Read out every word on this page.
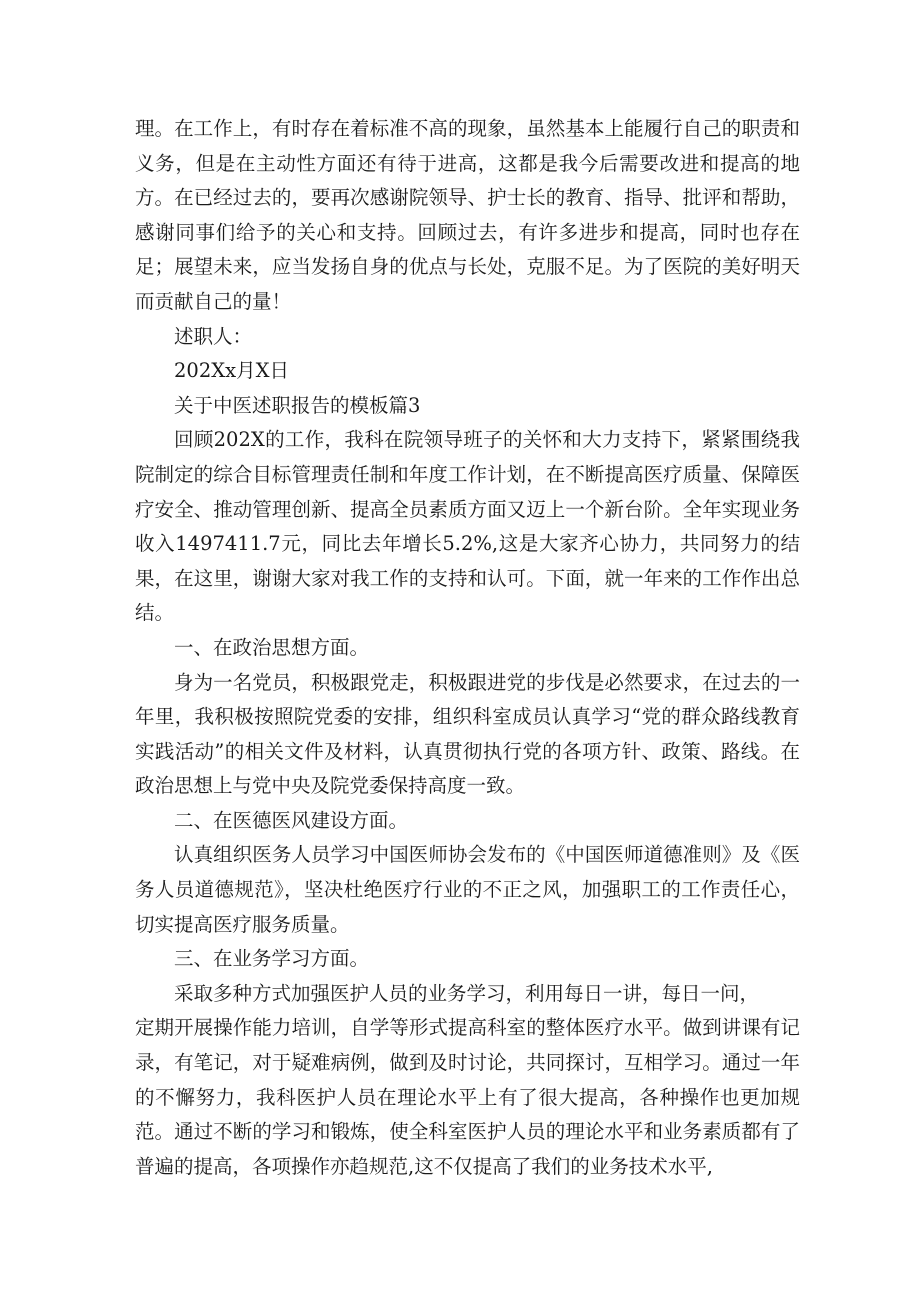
理。在工作上，有时存在着标准不高的现象，虽然基本上能履行自己的职责和义务，但是在主动性方面还有待于进高，这都是我今后需要改进和提高的地方。在已经过去的，要再次感谢院领导、护士长的教育、指导、批评和帮助，感谢同事们给予的关心和支持。回顾过去，有许多进步和提高，同时也存在足；展望未来，应当发扬自身的优点与长处，克服不足。为了医院的美好明天而贡献自己的量！

述职人：

202Xx月X日

关于中医述职报告的模板篇3

回顾202X的工作，我科在院领导班子的关怀和大力支持下，紧紧围绕我院制定的综合目标管理责任制和年度工作计划，在不断提高医疗质量、保障医疗安全、推动管理创新、提高全员素质方面又迈上一个新台阶。全年实现业务收入1497411.7元，同比去年增长5.2%,这是大家齐心协力，共同努力的结果，在这里，谢谢大家对我工作的支持和认可。下面，就一年来的工作作出总结。

一、在政治思想方面。

身为一名党员，积极跟党走，积极跟进党的步伐是必然要求，在过去的一年里，我积极按照院党委的安排，组织科室成员认真学习“党的群众路线教育实践活动”的相关文件及材料，认真贯彻执行党的各项方针、政策、路线。在政治思想上与党中央及院党委保持高度一致。

二、在医德医风建设方面。

认真组织医务人员学习中国医师协会发布的《中国医师道德准则》及《医务人员道德规范》，坚决杜绝医疗行业的不正之风，加强职工的工作责任心，切实提高医疗服务质量。

三、在业务学习方面。

采取多种方式加强医护人员的业务学习，利用每日一讲，每日一问，

定期开展操作能力培训，自学等形式提高科室的整体医疗水平。做到讲课有记录，有笔记，对于疑难病例，做到及时讨论，共同探讨，互相学习。通过一年的不懈努力，我科医护人员在理论水平上有了很大提高，各种操作也更加规范。通过不断的学习和锻炼，使全科室医护人员的理论水平和业务素质都有了普遍的提高，各项操作亦趋规范,这不仅提高了我们的业务技术水平,
